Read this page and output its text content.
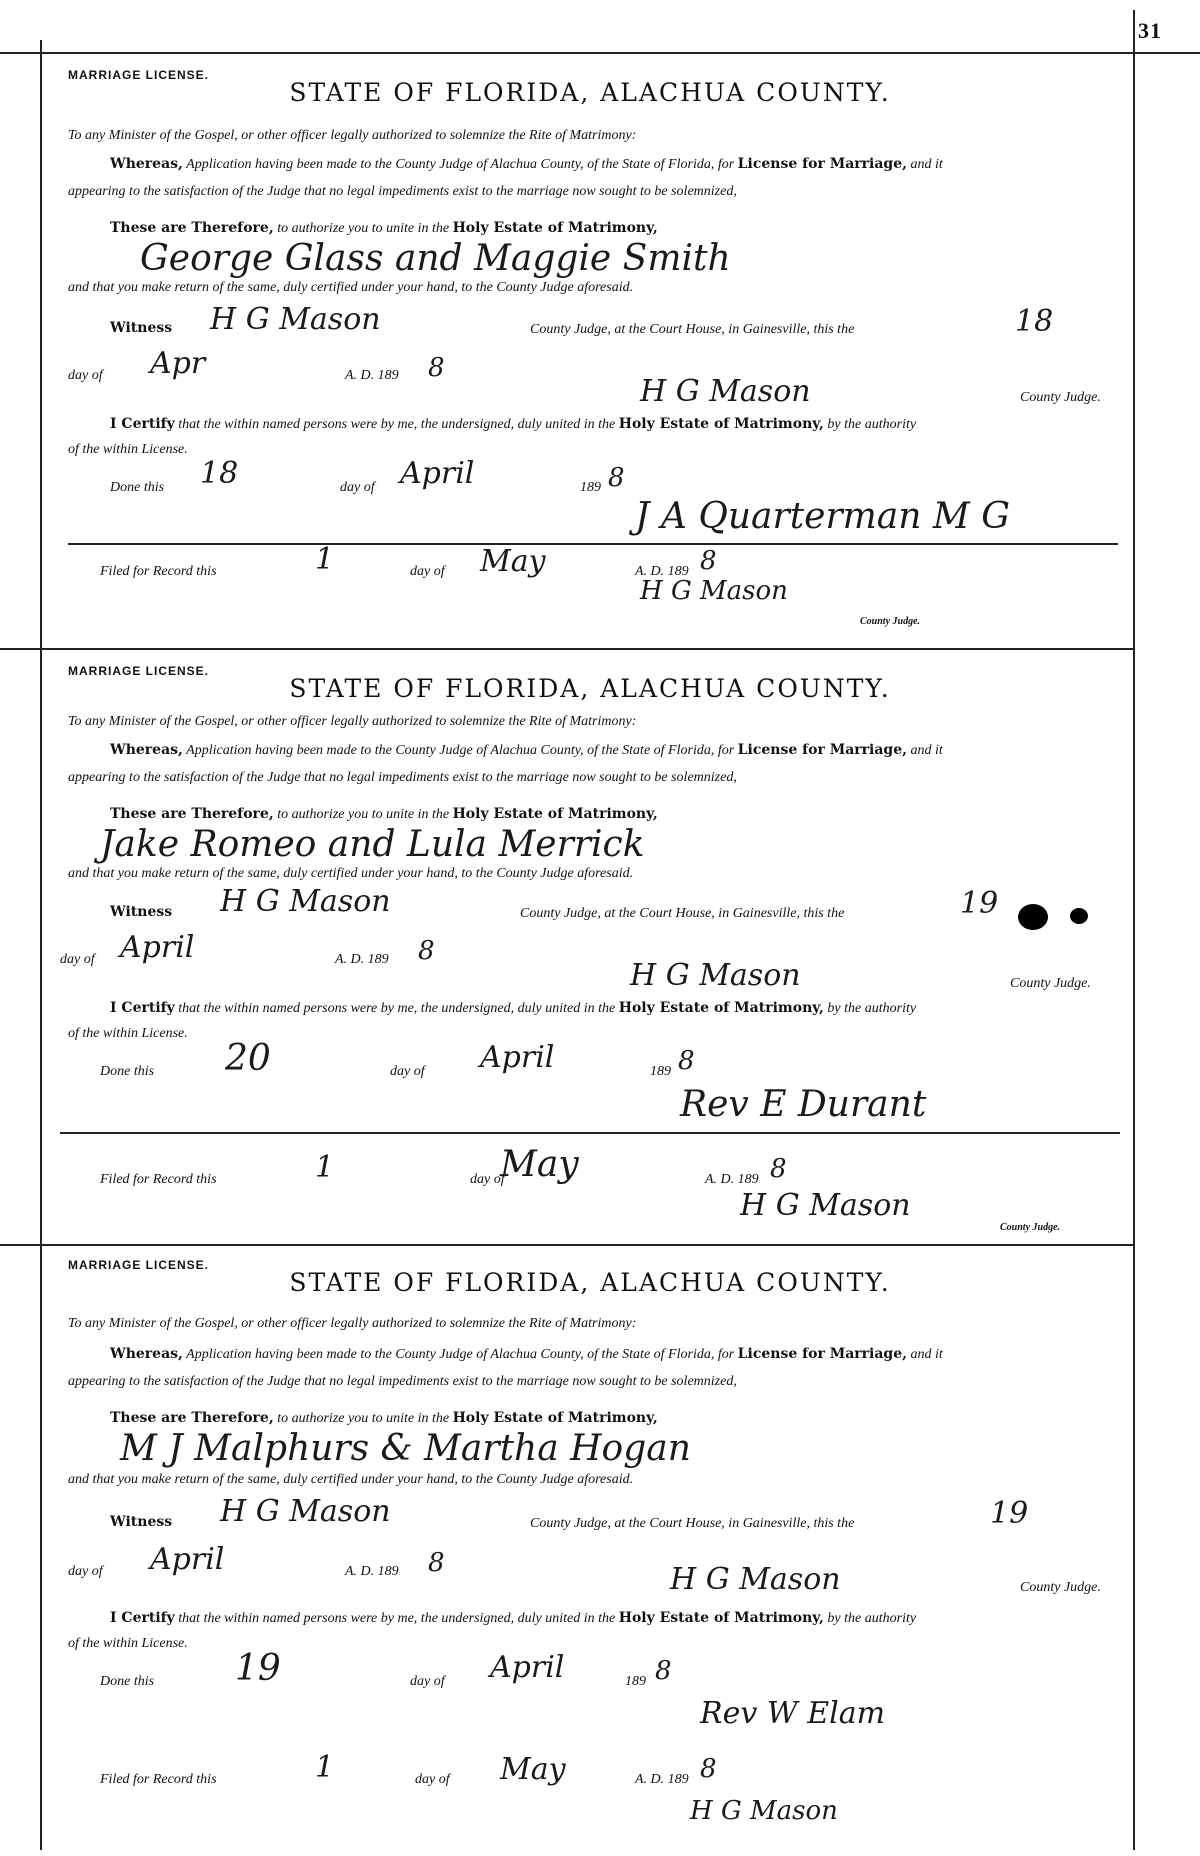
31
MARRIAGE LICENSE.
STATE OF FLORIDA, ALACHUA COUNTY.
To any Minister of the Gospel, or other officer legally authorized to solemnize the Rite of Matrimony:
Whereas, Application having been made to the County Judge of Alachua County, of the State of Florida, for License for Marriage, and it
appearing to the satisfaction of the Judge that no legal impediments exist to the marriage now sought to be solemnized,
These are Therefore, to authorize you to unite in the Holy Estate of Matrimony,
George Glass and Maggie Smith
and that you make return of the same, duly certified under your hand, to the County Judge aforesaid.
Witness H G Mason	County Judge, at the Court House, in Gainesville, this the	18
day of Apr	A. D. 189 8
H G Mason	County Judge.
I Certify that the within named persons were by me, the undersigned, duly united in the Holy Estate of Matrimony, by the authority
of the within License.
Done this 18	day of April	189 8
J A Quarterman M G
Filed for Record this	1	day of May	A. D. 189 8
H G Mason
County Judge.
MARRIAGE LICENSE.
STATE OF FLORIDA, ALACHUA COUNTY.
To any Minister of the Gospel, or other officer legally authorized to solemnize the Rite of Matrimony:
Whereas, Application having been made to the County Judge of Alachua County, of the State of Florida, for License for Marriage, and it
appearing to the satisfaction of the Judge that no legal impediments exist to the marriage now sought to be solemnized,
These are Therefore, to authorize you to unite in the Holy Estate of Matrimony,
Jake Romeo and Lula Merrick
and that you make return of the same, duly certified under your hand, to the County Judge aforesaid.
Witness H G Mason	County Judge, at the Court House, in Gainesville, this the	19
day of April	A. D. 189 8
H G Mason	County Judge.
I Certify that the within named persons were by me, the undersigned, duly united in the Holy Estate of Matrimony, by the authority
of the within License.
Done this 20	day of April	189 8
Rev E Durant
Filed for Record this	1	day of
May	A. D. 189 8
H G Mason
County Judge.
MARRIAGE LICENSE.
STATE OF FLORIDA, ALACHUA COUNTY.
To any Minister of the Gospel, or other officer legally authorized to solemnize the Rite of Matrimony:
Whereas, Application having been made to the County Judge of Alachua County, of the State of Florida, for License for Marriage, and it
appearing to the satisfaction of the Judge that no legal impediments exist to the marriage now sought to be solemnized,
These are Therefore, to authorize you to unite in the Holy Estate of Matrimony,
M J Malphurs & Martha Hogan
and that you make return of the same, duly certified under your hand, to the County Judge aforesaid.
Witness H G Mason	County Judge, at the Court House, in Gainesville, this the	19
day of April	A. D. 189 8	H G Mason	County Judge.
I Certify that the within named persons were by me, the undersigned, duly united in the Holy Estate of Matrimony, by the authority
of the within License.
Done this 19	day of April	189 8
Rev W Elam
Filed for Record this	1	day of May	A. D. 189 8
H G Mason
